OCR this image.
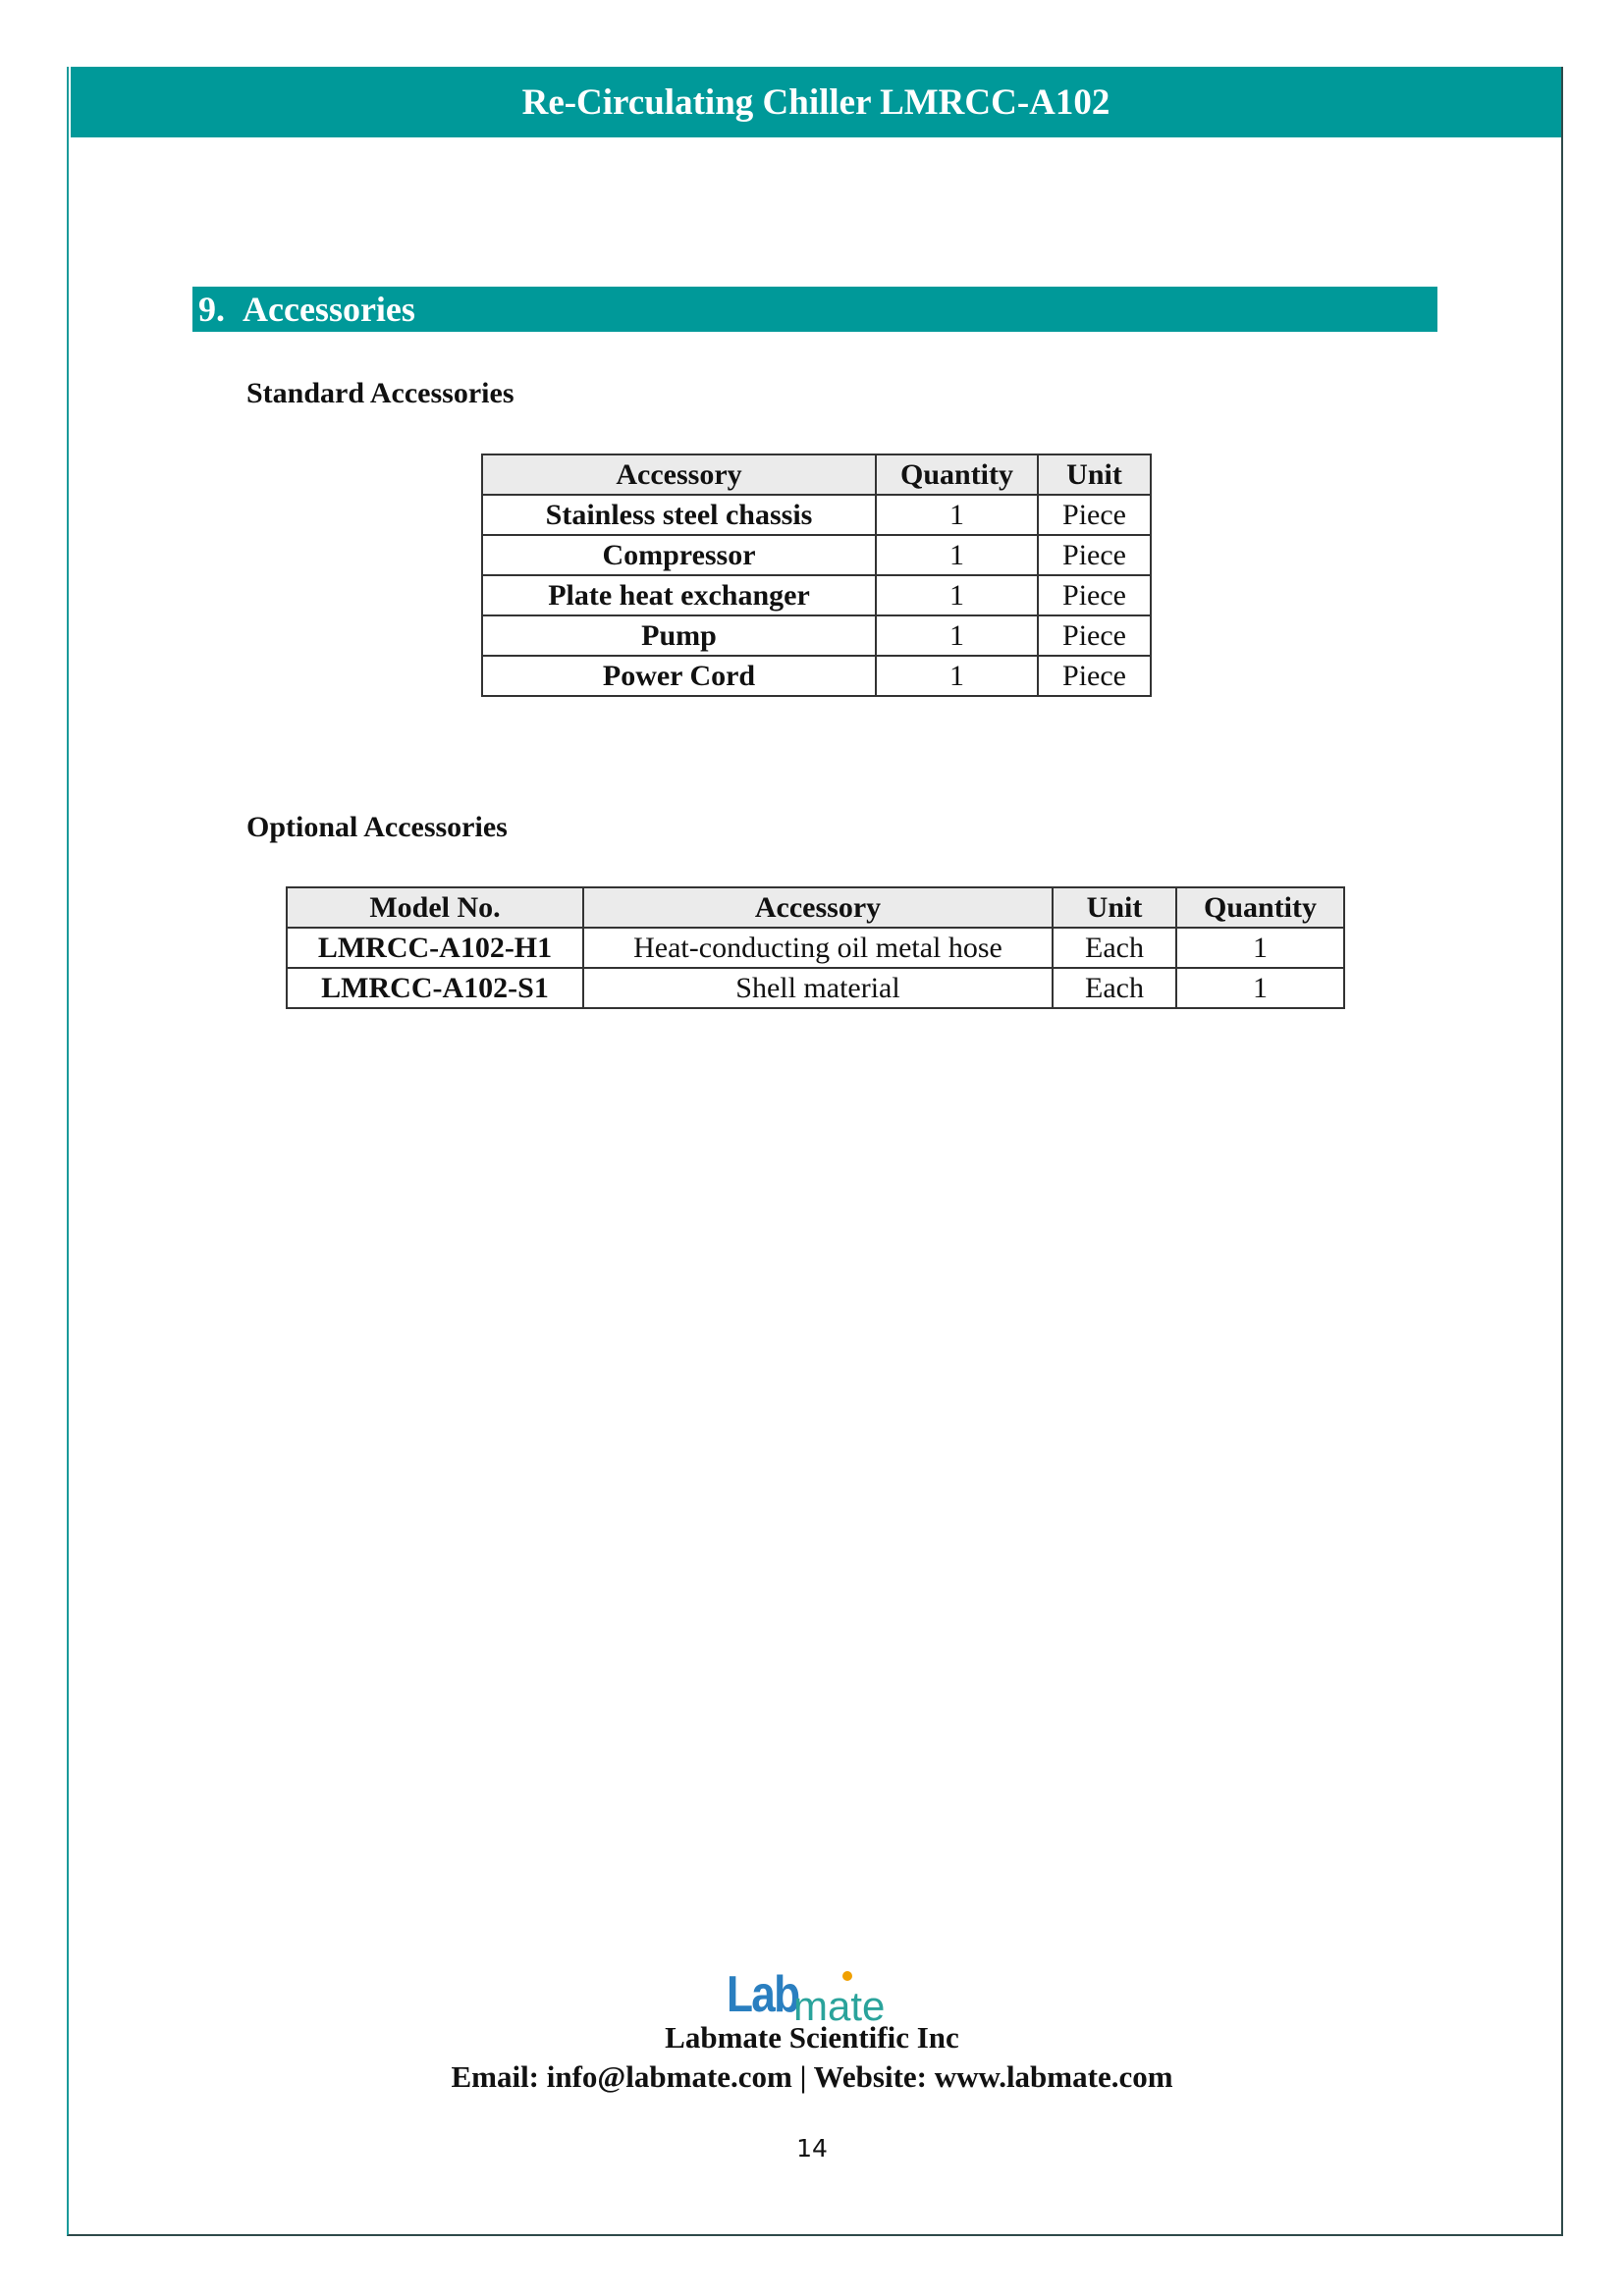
Re-Circulating Chiller LMRCC-A102
9. Accessories
Standard Accessories
Accessory	Quantity	Unit
Stainless steel chassis	1	Piece
Compressor	1	Piece
Plate heat exchanger	1	Piece
Pump	1	Piece
Power Cord	1	Piece
Optional Accessories
Model No.	Accessory	Unit	Quantity
LMRCC-A102-H1	Heat-conducting oil metal hose	Each	1
LMRCC-A102-S1	Shell material	Each	1
Lab
mate
Labmate Scientific Inc
Email: info@labmate.com | Website: www.labmate.com
14
